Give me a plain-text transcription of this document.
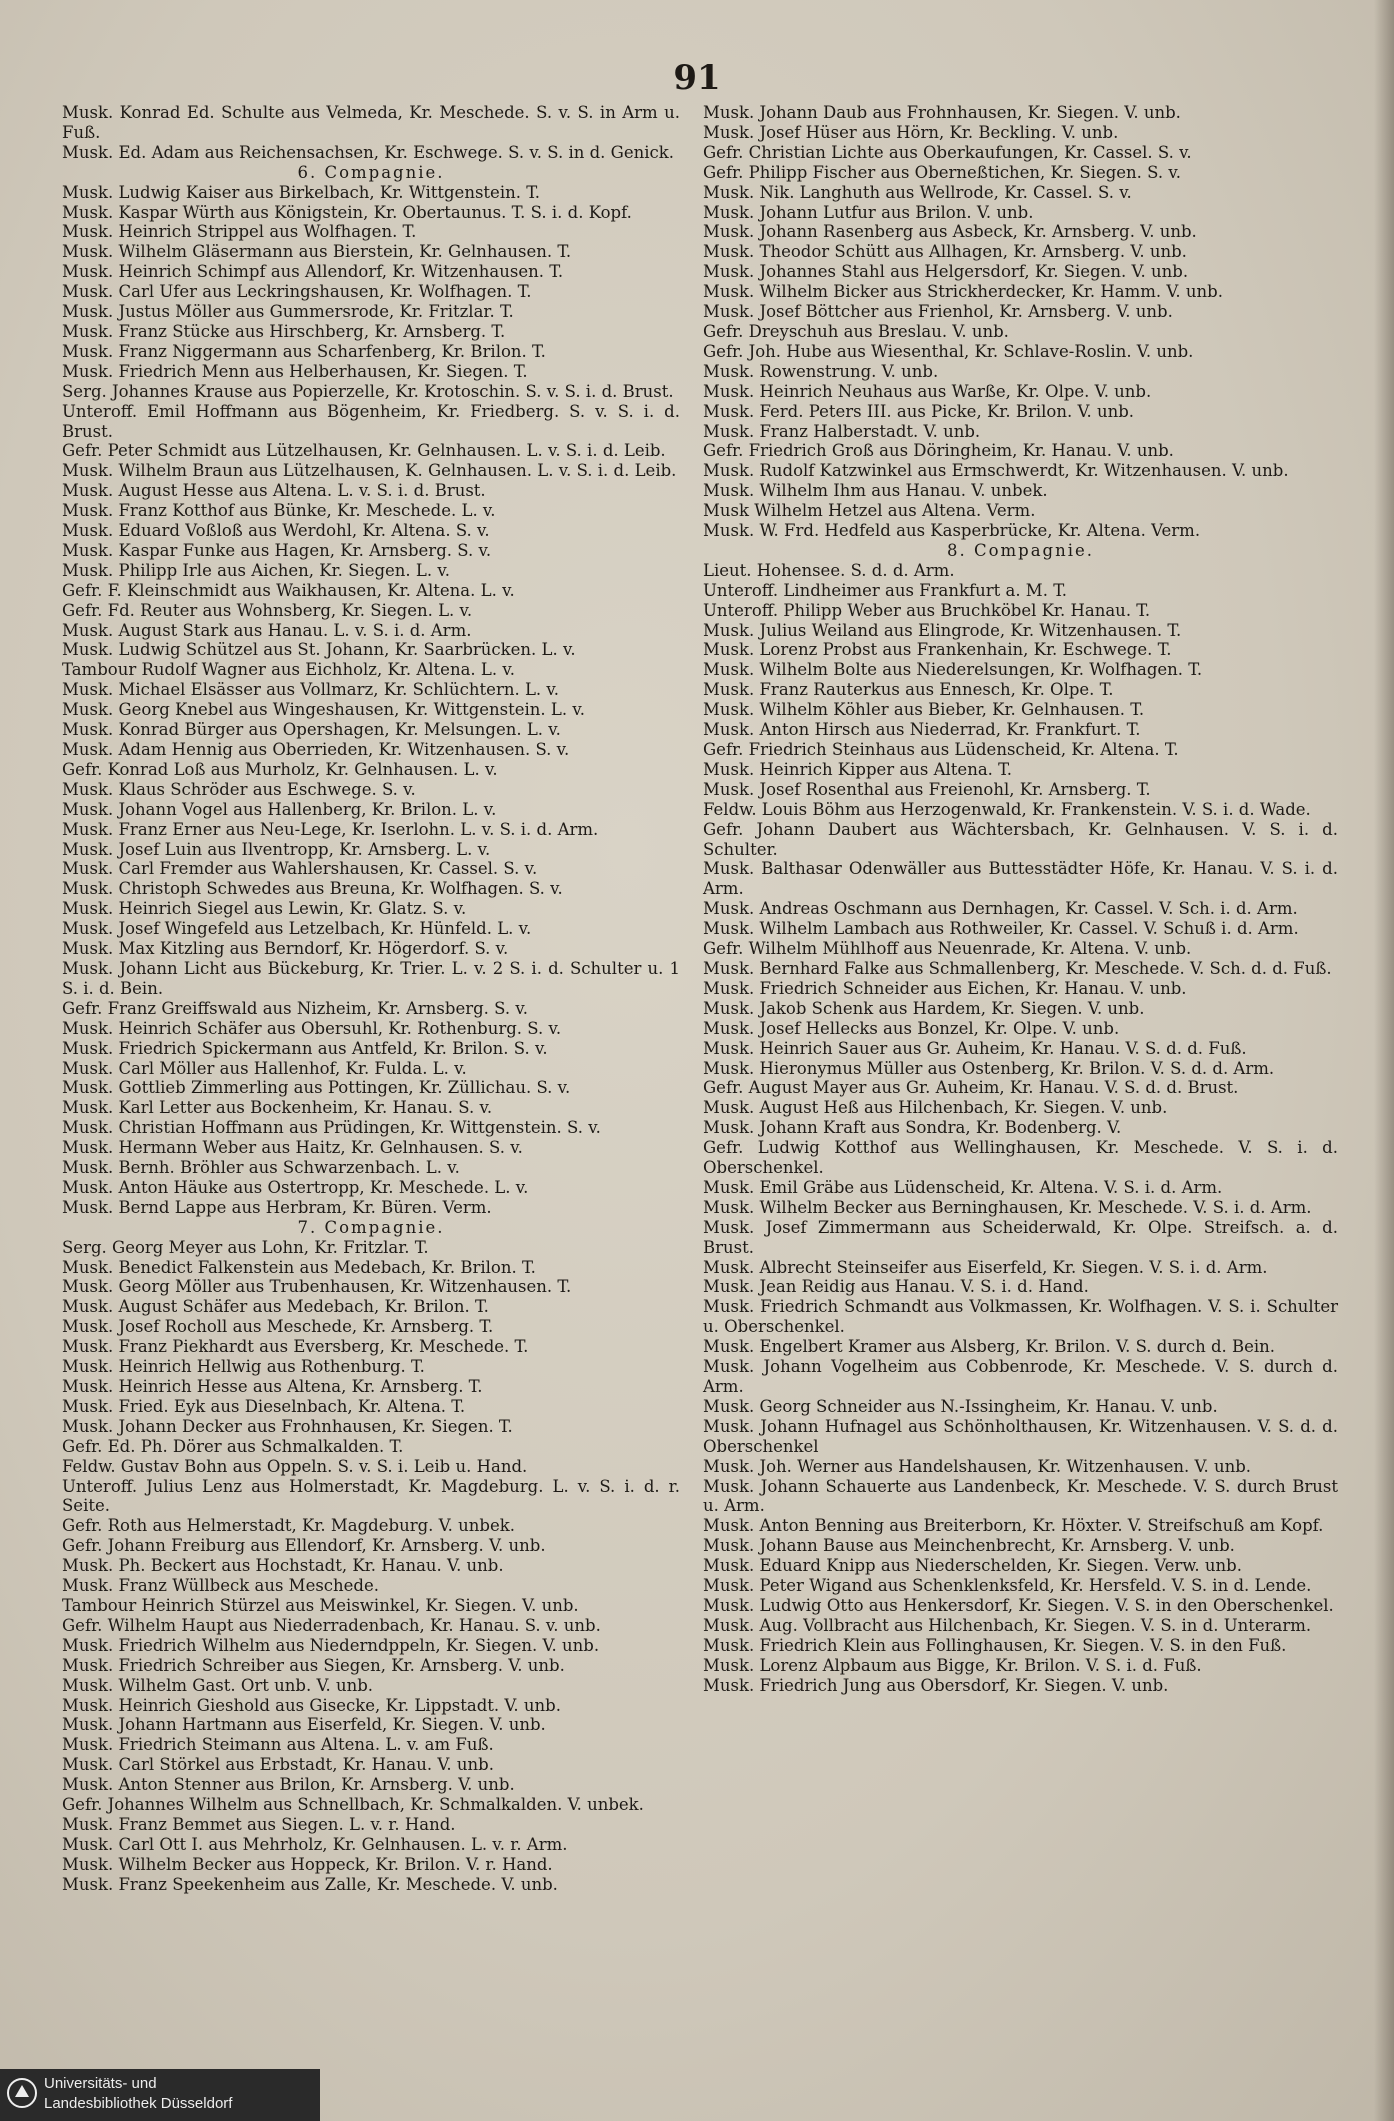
91

Musk. Konrad Ed. Schulte aus Velmeda, Kr. Meschede. S. v. S. in Arm u. Fuß.

Musk. Ed. Adam aus Reichensachsen, Kr. Eschwege. S. v. S. in d. Genick.

6. Compagnie.

Musk. Ludwig Kaiser aus Birkelbach, Kr. Wittgenstein. T.

Musk. Kaspar Würth aus Königstein, Kr. Obertaunus. T. S. i. d. Kopf.

Musk. Heinrich Strippel aus Wolfhagen. T.

Musk. Wilhelm Gläsermann aus Bierstein, Kr. Gelnhausen. T.

Musk. Heinrich Schimpf aus Allendorf, Kr. Witzenhausen. T.

Musk. Carl Ufer aus Leckringshausen, Kr. Wolfhagen. T.

Musk. Justus Möller aus Gummersrode, Kr. Fritzlar. T.

Musk. Franz Stücke aus Hirschberg, Kr. Arnsberg. T.

Musk. Franz Niggermann aus Scharfenberg, Kr. Brilon. T.

Musk. Friedrich Menn aus Helberhausen, Kr. Siegen. T.

Serg. Johannes Krause aus Popierzelle, Kr. Krotoschin. S. v. S. i. d. Brust.

Unteroff. Emil Hoffmann aus Bögenheim, Kr. Friedberg. S. v. S. i. d. Brust.

Gefr. Peter Schmidt aus Lützelhausen, Kr. Gelnhausen. L. v. S. i. d. Leib.

Musk. Wilhelm Braun aus Lützelhausen, K. Gelnhausen. L. v. S. i. d. Leib.

Musk. August Hesse aus Altena. L. v. S. i. d. Brust.

Musk. Franz Kotthof aus Bünke, Kr. Meschede. L. v.

Musk. Eduard Voßloß aus Werdohl, Kr. Altena. S. v.

Musk. Kaspar Funke aus Hagen, Kr. Arnsberg. S. v.

Musk. Philipp Irle aus Aichen, Kr. Siegen. L. v.

Gefr. F. Kleinschmidt aus Waikhausen, Kr. Altena. L. v.

Gefr. Fd. Reuter aus Wohnsberg, Kr. Siegen. L. v.

Musk. August Stark aus Hanau. L. v. S. i. d. Arm.

Musk. Ludwig Schützel aus St. Johann, Kr. Saarbrücken. L. v.

Tambour Rudolf Wagner aus Eichholz, Kr. Altena. L. v.

Musk. Michael Elsässer aus Vollmarz, Kr. Schlüchtern. L. v.

Musk. Georg Knebel aus Wingeshausen, Kr. Wittgenstein. L. v.

Musk. Konrad Bürger aus Opershagen, Kr. Melsungen. L. v.

Musk. Adam Hennig aus Oberrieden, Kr. Witzenhausen. S. v.

Gefr. Konrad Loß aus Murholz, Kr. Gelnhausen. L. v.

Musk. Klaus Schröder aus Eschwege. S. v.

Musk. Johann Vogel aus Hallenberg, Kr. Brilon. L. v.

Musk. Franz Erner aus Neu-Lege, Kr. Iserlohn. L. v. S. i. d. Arm.

Musk. Josef Luin aus Ilventropp, Kr. Arnsberg. L. v.

Musk. Carl Fremder aus Wahlershausen, Kr. Cassel. S. v.

Musk. Christoph Schwedes aus Breuna, Kr. Wolfhagen. S. v.

Musk. Heinrich Siegel aus Lewin, Kr. Glatz. S. v.

Musk. Josef Wingefeld aus Letzelbach, Kr. Hünfeld. L. v.

Musk. Max Kitzling aus Berndorf, Kr. Högerdorf. S. v.

Musk. Johann Licht aus Bückeburg, Kr. Trier. L. v. 2 S. i. d. Schulter u. 1 S. i. d. Bein.

Gefr. Franz Greiffswald aus Nizheim, Kr. Arnsberg. S. v.

Musk. Heinrich Schäfer aus Obersuhl, Kr. Rothenburg. S. v.

Musk. Friedrich Spickermann aus Antfeld, Kr. Brilon. S. v.

Musk. Carl Möller aus Hallenhof, Kr. Fulda. L. v.

Musk. Gottlieb Zimmerling aus Pottingen, Kr. Züllichau. S. v.

Musk. Karl Letter aus Bockenheim, Kr. Hanau. S. v.

Musk. Christian Hoffmann aus Prüdingen, Kr. Wittgenstein. S. v.

Musk. Hermann Weber aus Haitz, Kr. Gelnhausen. S. v.

Musk. Bernh. Bröhler aus Schwarzenbach. L. v.

Musk. Anton Häuke aus Ostertropp, Kr. Meschede. L. v.

Musk. Bernd Lappe aus Herbram, Kr. Büren. Verm.

7. Compagnie.

Serg. Georg Meyer aus Lohn, Kr. Fritzlar. T.

Musk. Benedict Falkenstein aus Medebach, Kr. Brilon. T.

Musk. Georg Möller aus Trubenhausen, Kr. Witzenhausen. T.

Musk. August Schäfer aus Medebach, Kr. Brilon. T.

Musk. Josef Rocholl aus Meschede, Kr. Arnsberg. T.

Musk. Franz Piekhardt aus Eversberg, Kr. Meschede. T.

Musk. Heinrich Hellwig aus Rothenburg. T.

Musk. Heinrich Hesse aus Altena, Kr. Arnsberg. T.

Musk. Fried. Eyk aus Dieselnbach, Kr. Altena. T.

Musk. Johann Decker aus Frohnhausen, Kr. Siegen. T.

Gefr. Ed. Ph. Dörer aus Schmalkalden. T.

Feldw. Gustav Bohn aus Oppeln. S. v. S. i. Leib u. Hand.

Unteroff. Julius Lenz aus Holmerstadt, Kr. Magdeburg. L. v. S. i. d. r. Seite.

Gefr. Roth aus Helmerstadt, Kr. Magdeburg. V. unbek.

Gefr. Johann Freiburg aus Ellendorf, Kr. Arnsberg. V. unb.

Musk. Ph. Beckert aus Hochstadt, Kr. Hanau. V. unb.

Musk. Franz Wüllbeck aus Meschede.

Tambour Heinrich Stürzel aus Meiswinkel, Kr. Siegen. V. unb.

Gefr. Wilhelm Haupt aus Niederradenbach, Kr. Hanau. S. v. unb.

Musk. Friedrich Wilhelm aus Niederndppeln, Kr. Siegen. V. unb.

Musk. Friedrich Schreiber aus Siegen, Kr. Arnsberg. V. unb.

Musk. Wilhelm Gast. Ort unb. V. unb.

Musk. Heinrich Gieshold aus Gisecke, Kr. Lippstadt. V. unb.

Musk. Johann Hartmann aus Eiserfeld, Kr. Siegen. V. unb.

Musk. Friedrich Steimann aus Altena. L. v. am Fuß.

Musk. Carl Störkel aus Erbstadt, Kr. Hanau. V. unb.

Musk. Anton Stenner aus Brilon, Kr. Arnsberg. V. unb.

Gefr. Johannes Wilhelm aus Schnellbach, Kr. Schmalkalden. V. unbek.

Musk. Franz Bemmet aus Siegen. L. v. r. Hand.

Musk. Carl Ott I. aus Mehrholz, Kr. Gelnhausen. L. v. r. Arm.

Musk. Wilhelm Becker aus Hoppeck, Kr. Brilon. V. r. Hand.

Musk. Franz Speekenheim aus Zalle, Kr. Meschede. V. unb.

Musk. Johann Daub aus Frohnhausen, Kr. Siegen. V. unb.

Musk. Josef Hüser aus Hörn, Kr. Beckling. V. unb.

Gefr. Christian Lichte aus Oberkaufungen, Kr. Cassel. S. v.

Gefr. Philipp Fischer aus Oberneßtichen, Kr. Siegen. S. v.

Musk. Nik. Langhuth aus Wellrode, Kr. Cassel. S. v.

Musk. Johann Lutfur aus Brilon. V. unb.

Musk. Johann Rasenberg aus Asbeck, Kr. Arnsberg. V. unb.

Musk. Theodor Schütt aus Allhagen, Kr. Arnsberg. V. unb.

Musk. Johannes Stahl aus Helgersdorf, Kr. Siegen. V. unb.

Musk. Wilhelm Bicker aus Strickherdecker, Kr. Hamm. V. unb.

Musk. Josef Böttcher aus Frienhol, Kr. Arnsberg. V. unb.

Gefr. Dreyschuh aus Breslau. V. unb.

Gefr. Joh. Hube aus Wiesenthal, Kr. Schlave-Roslin. V. unb.

Musk. Rowenstrung. V. unb.

Musk. Heinrich Neuhaus aus Warße, Kr. Olpe. V. unb.

Musk. Ferd. Peters III. aus Picke, Kr. Brilon. V. unb.

Musk. Franz Halberstadt. V. unb.

Gefr. Friedrich Groß aus Döringheim, Kr. Hanau. V. unb.

Musk. Rudolf Katzwinkel aus Ermschwerdt, Kr. Witzenhausen. V. unb.

Musk. Wilhelm Ihm aus Hanau. V. unbek.

Musk Wilhelm Hetzel aus Altena. Verm.

Musk. W. Frd. Hedfeld aus Kasperbrücke, Kr. Altena. Verm.

8. Compagnie.

Lieut. Hohensee. S. d. d. Arm.

Unteroff. Lindheimer aus Frankfurt a. M. T.

Unteroff. Philipp Weber aus Bruchköbel Kr. Hanau. T.

Musk. Julius Weiland aus Elingrode, Kr. Witzenhausen. T.

Musk. Lorenz Probst aus Frankenhain, Kr. Eschwege. T.

Musk. Wilhelm Bolte aus Niederelsungen, Kr. Wolfhagen. T.

Musk. Franz Rauterkus aus Ennesch, Kr. Olpe. T.

Musk. Wilhelm Köhler aus Bieber, Kr. Gelnhausen. T.

Musk. Anton Hirsch aus Niederrad, Kr. Frankfurt. T.

Gefr. Friedrich Steinhaus aus Lüdenscheid, Kr. Altena. T.

Musk. Heinrich Kipper aus Altena. T.

Musk. Josef Rosenthal aus Freienohl, Kr. Arnsberg. T.

Feldw. Louis Böhm aus Herzogenwald, Kr. Frankenstein. V. S. i. d. Wade.

Gefr. Johann Daubert aus Wächtersbach, Kr. Gelnhausen. V. S. i. d. Schulter.

Musk. Balthasar Odenwäller aus Buttesstädter Höfe, Kr. Hanau. V. S. i. d. Arm.

Musk. Andreas Oschmann aus Dernhagen, Kr. Cassel. V. Sch. i. d. Arm.

Musk. Wilhelm Lambach aus Rothweiler, Kr. Cassel. V. Schuß i. d. Arm.

Gefr. Wilhelm Mühlhoff aus Neuenrade, Kr. Altena. V. unb.

Musk. Bernhard Falke aus Schmallenberg, Kr. Meschede. V. Sch. d. d. Fuß.

Musk. Friedrich Schneider aus Eichen, Kr. Hanau. V. unb.

Musk. Jakob Schenk aus Hardem, Kr. Siegen. V. unb.

Musk. Josef Hellecks aus Bonzel, Kr. Olpe. V. unb.

Musk. Heinrich Sauer aus Gr. Auheim, Kr. Hanau. V. S. d. d. Fuß.

Musk. Hieronymus Müller aus Ostenberg, Kr. Brilon. V. S. d. d. Arm.

Gefr. August Mayer aus Gr. Auheim, Kr. Hanau. V. S. d. d. Brust.

Musk. August Heß aus Hilchenbach, Kr. Siegen. V. unb.

Musk. Johann Kraft aus Sondra, Kr. Bodenberg. V.

Gefr. Ludwig Kotthof aus Wellinghausen, Kr. Meschede. V. S. i. d. Oberschenkel.

Musk. Emil Gräbe aus Lüdenscheid, Kr. Altena. V. S. i. d. Arm.

Musk. Wilhelm Becker aus Berninghausen, Kr. Meschede. V. S. i. d. Arm.

Musk. Josef Zimmermann aus Scheiderwald, Kr. Olpe. Streifsch. a. d. Brust.

Musk. Albrecht Steinseifer aus Eiserfeld, Kr. Siegen. V. S. i. d. Arm.

Musk. Jean Reidig aus Hanau. V. S. i. d. Hand.

Musk. Friedrich Schmandt aus Volkmassen, Kr. Wolfhagen. V. S. i. Schulter u. Oberschenkel.

Musk. Engelbert Kramer aus Alsberg, Kr. Brilon. V. S. durch d. Bein.

Musk. Johann Vogelheim aus Cobbenrode, Kr. Meschede. V. S. durch d. Arm.

Musk. Georg Schneider aus N.-Issingheim, Kr. Hanau. V. unb.

Musk. Johann Hufnagel aus Schönholthausen, Kr. Witzenhausen. V. S. d. d. Oberschenkel

Musk. Joh. Werner aus Handelshausen, Kr. Witzenhausen. V. unb.

Musk. Johann Schauerte aus Landenbeck, Kr. Meschede. V. S. durch Brust u. Arm.

Musk. Anton Benning aus Breiterborn, Kr. Höxter. V. Streifschuß am Kopf.

Musk. Johann Bause aus Meinchenbrecht, Kr. Arnsberg. V. unb.

Musk. Eduard Knipp aus Niederschelden, Kr. Siegen. Verw. unb.

Musk. Peter Wigand aus Schenklenksfeld, Kr. Hersfeld. V. S. in d. Lende.

Musk. Ludwig Otto aus Henkersdorf, Kr. Siegen. V. S. in den Oberschenkel.

Musk. Aug. Vollbracht aus Hilchenbach, Kr. Siegen. V. S. in d. Unterarm.

Musk. Friedrich Klein aus Follinghausen, Kr. Siegen. V. S. in den Fuß.

Musk. Lorenz Alpbaum aus Bigge, Kr. Brilon. V. S. i. d. Fuß.

Musk. Friedrich Jung aus Obersdorf, Kr. Siegen. V. unb.

Universitäts- und
Landesbibliothek Düsseldorf
